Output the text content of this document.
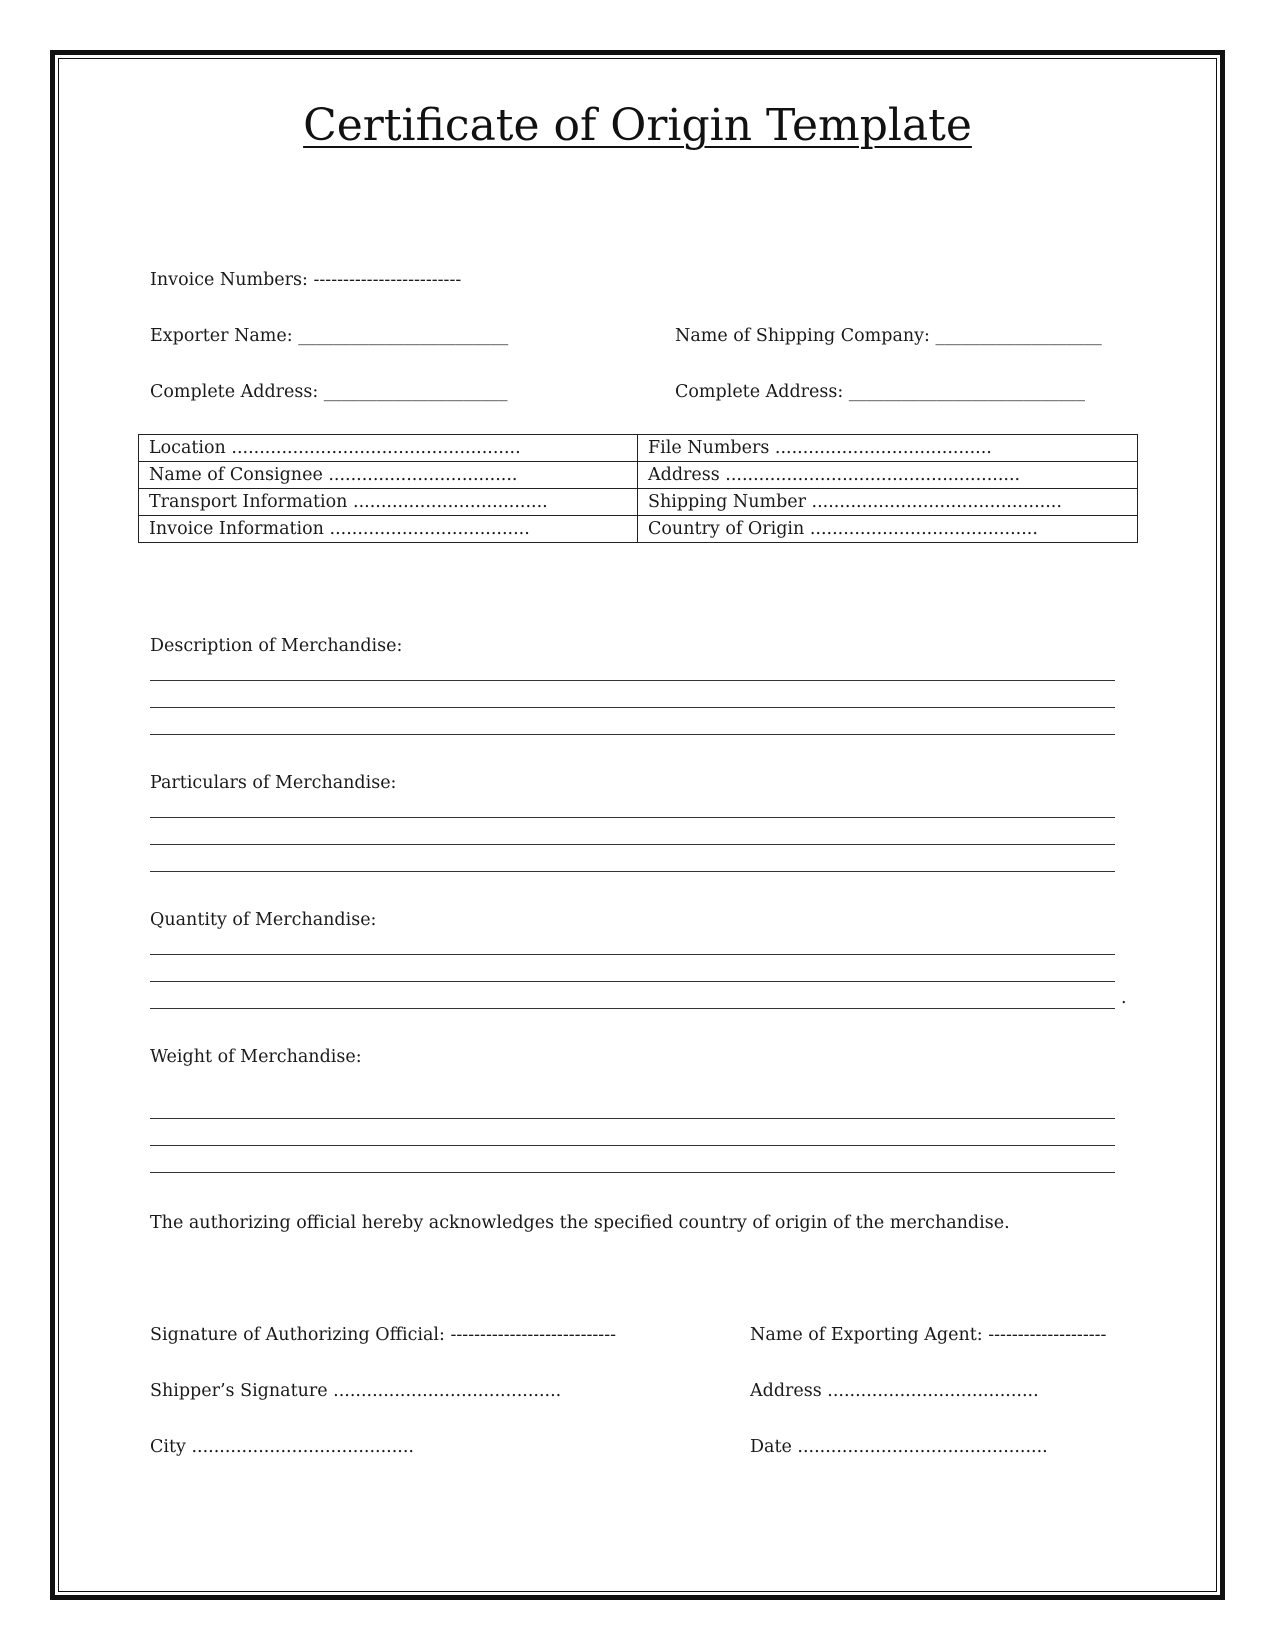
Certificate of Origin Template
Invoice Numbers: -------------------------
Exporter Name: ________________________	Name of Shipping Company: ___________________
Complete Address: _____________________	Complete Address: ___________________________
Location ....................................................	File Numbers .......................................
Name of Consignee ..................................	Address .....................................................
Transport Information ...................................	Shipping Number .............................................
Invoice Information ....................................	Country of Origin .........................................
Description of Merchandise:
Particulars of Merchandise:
Quantity of Merchandise:
.
Weight of Merchandise:
The authorizing official hereby acknowledges the specified country of origin of the merchandise.
Signature of Authorizing Official: ----------------------------	Name of Exporting Agent: --------------------
Shipper’s Signature .........................................	Address ......................................
City ........................................	Date .............................................
